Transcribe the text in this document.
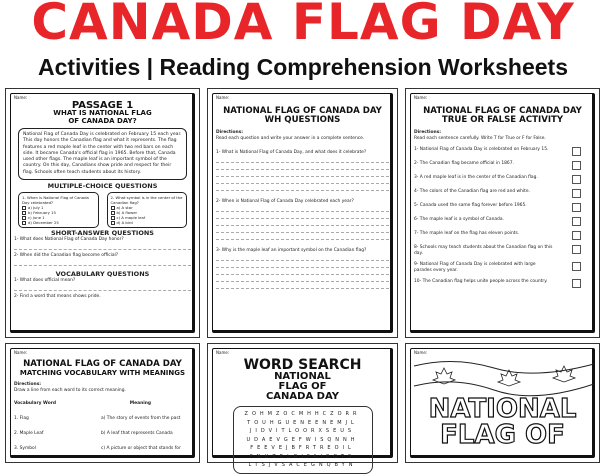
CANADA FLAG DAY
Activities | Reading Comprehension Worksheets
Name:
PASSAGE 1
WHAT IS NATIONAL FLAG OF CANADA DAY?
National Flag of Canada Day is celebrated on February 15 each year. This day honors the Canadian flag and what it represents. The flag features a red maple leaf in the center with two red bars on each side. It became Canada's official flag in 1965. Before that, Canada used other flags. The maple leaf is an important symbol of the country. On this day, Canadians show pride and respect for their flag. Schools often teach students about its history.
MULTIPLE-CHOICE QUESTIONS
1- When is National Flag of Canada Day celebrated?
a) July 1
b) February 15
c) June 1
d) December 25
2- What symbol is in the center of the Canadian flag?
a) A star
b) A flower
c) A maple leaf
d) A bird
SHORT-ANSWER QUESTIONS
1- What does National Flag of Canada Day honor?
2- When did the Canadian flag become official?
VOCABULARY QUESTIONS
1- What does official mean?
2- Find a word that means shows pride.
Name:
NATIONAL FLAG OF CANADA DAY
WH QUESTIONS
Directions:
Read each question and write your answer in a complete sentence.
1- What is National Flag of Canada Day, and what does it celebrate?
2- When is National Flag of Canada Day celebrated each year?
3- Why is the maple leaf an important symbol on the Canadian flag?
Name:
NATIONAL FLAG OF CANADA DAY
TRUE OR FALSE ACTIVITY
Directions:
Read each sentence carefully. Write T for True or F for False.
1- National Flag of Canada Day is celebrated on February 15.
2- The Canadian flag became official in 1867.
3- A red maple leaf is in the center of the Canadian flag.
4- The colors of the Canadian flag are red and white.
5- Canada used the same flag forever before 1965.
6- The maple leaf is a symbol of Canada.
7- The maple leaf on the flag has eleven points.
8- Schools may teach students about the Canadian flag on this day.
9- National Flag of Canada Day is celebrated with large parades every year.
10- The Canadian flag helps unite people across the country.
Name:
NATIONAL FLAG OF CANADA DAY
MATCHING VOCABULARY WITH MEANINGS
Directions:
Draw a line from each word to its correct meaning.
Vocabulary Word	Meaning
1. Flag	a) The story of events from the past
2. Maple Leaf	b) A leaf that represents Canada
3. Symbol	c) A picture or object that stands for
Name:
WORD SEARCH
NATIONAL FLAG OF CANADA DAY
ZOHMZOCMHHCZORR
TOUHGUENEENEMJL
JIDVITLOORXSEUS
UDAEVGEFWISQNNH
FEEVEJBFRTREOIL
FNHZRLRIFAIPGTS
LTSJVSACEGNQBYN
Name:
NATIONAL
FLAG OF
